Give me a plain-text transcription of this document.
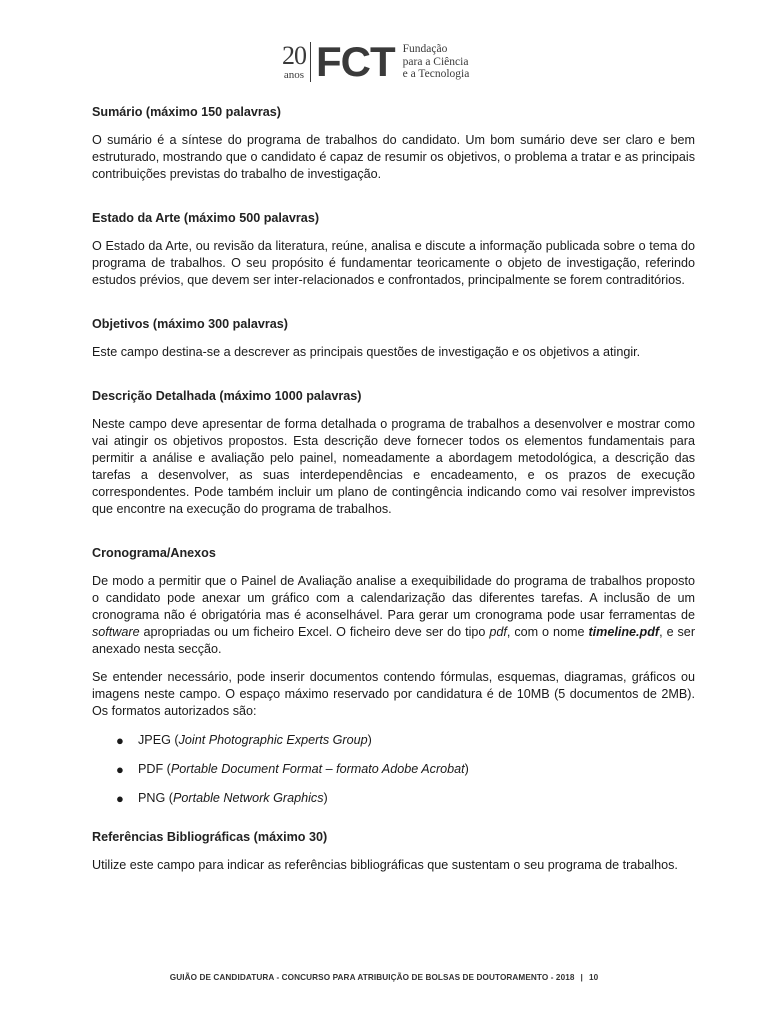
20
anos FCT Fundação
para a Ciência
e a Tecnologia
Sumário (máximo 150 palavras)

O sumário é a síntese do programa de trabalhos do candidato. Um bom sumário deve ser claro e bem estruturado, mostrando que o candidato é capaz de resumir os objetivos, o problema a tratar e as principais contribuições previstas do trabalho de investigação.

Estado da Arte (máximo 500 palavras)

O Estado da Arte, ou revisão da literatura, reúne, analisa e discute a informação publicada sobre o tema do programa de trabalhos. O seu propósito é fundamentar teoricamente o objeto de investigação, referindo estudos prévios, que devem ser inter-relacionados e confrontados, principalmente se forem contraditórios.

Objetivos (máximo 300 palavras)

Este campo destina-se a descrever as principais questões de investigação e os objetivos a atingir.

Descrição Detalhada (máximo 1000 palavras)

Neste campo deve apresentar de forma detalhada o programa de trabalhos a desenvolver e mostrar como vai atingir os objetivos propostos. Esta descrição deve fornecer todos os elementos fundamentais para permitir a análise e avaliação pelo painel, nomeadamente a abordagem metodológica, a descrição das tarefas a desenvolver, as suas interdependências e encadeamento, e os prazos de execução correspondentes. Pode também incluir um plano de contingência indicando como vai resolver imprevistos que encontre na execução do programa de trabalhos.

Cronograma/Anexos

De modo a permitir que o Painel de Avaliação analise a exequibilidade do programa de trabalhos proposto o candidato pode anexar um gráfico com a calendarização das diferentes tarefas. A inclusão de um cronograma não é obrigatória mas é aconselhável. Para gerar um cronograma pode usar ferramentas de software apropriadas ou um ficheiro Excel. O ficheiro deve ser do tipo pdf, com o nome timeline.pdf, e ser anexado nesta secção.

Se entender necessário, pode inserir documentos contendo fórmulas, esquemas, diagramas, gráficos ou imagens neste campo. O espaço máximo reservado por candidatura é de 10MB (5 documentos de 2MB). Os formatos autorizados são:

● JPEG (Joint Photographic Experts Group)
● PDF (Portable Document Format – formato Adobe Acrobat)
● PNG (Portable Network Graphics)
Referências Bibliográficas (máximo 30)

Utilize este campo para indicar as referências bibliográficas que sustentam o seu programa de trabalhos.

GUIÃO DE CANDIDATURA - CONCURSO PARA ATRIBUIÇÃO DE BOLSAS DE DOUTORAMENTO - 2018 | 10
